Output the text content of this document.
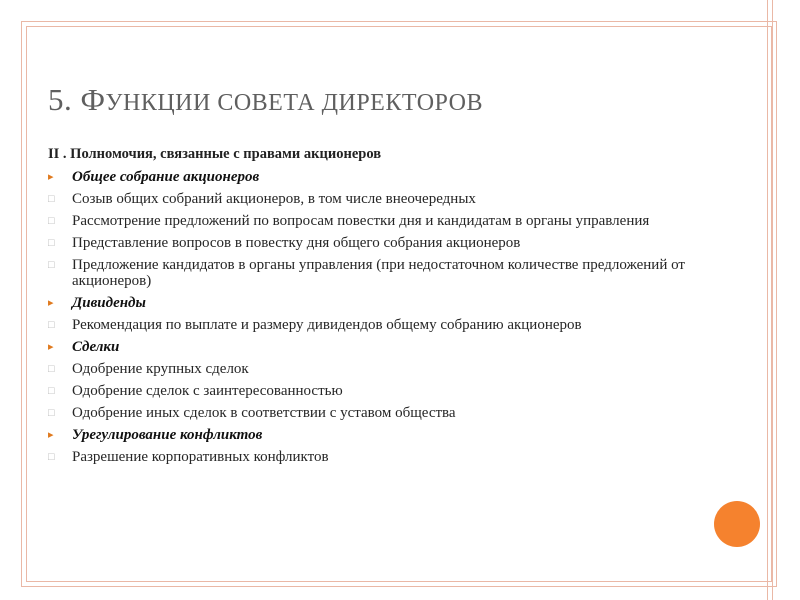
5. ФУНКЦИИ СОВЕТА ДИРЕКТОРОВ
II . Полномочия, связанные с правами акционеров
▸	Общее собрание акционеров
□	Созыв общих собраний акционеров, в том числе внеочередных
□	Рассмотрение предложений по вопросам повестки дня и кандидатам в органы управления
□	Представление вопросов в повестку дня общего собрания акционеров
□	Предложение кандидатов в органы управления (при недостаточном количестве предложений от акционеров)
▸	Дивиденды
□	Рекомендация по выплате и размеру дивидендов общему собранию акционеров
▸	Сделки
□	Одобрение крупных сделок
□	Одобрение сделок с заинтересованностью
□	Одобрение иных сделок в соответствии с уставом общества
▸	Урегулирование конфликтов
□	Разрешение корпоративных конфликтов
